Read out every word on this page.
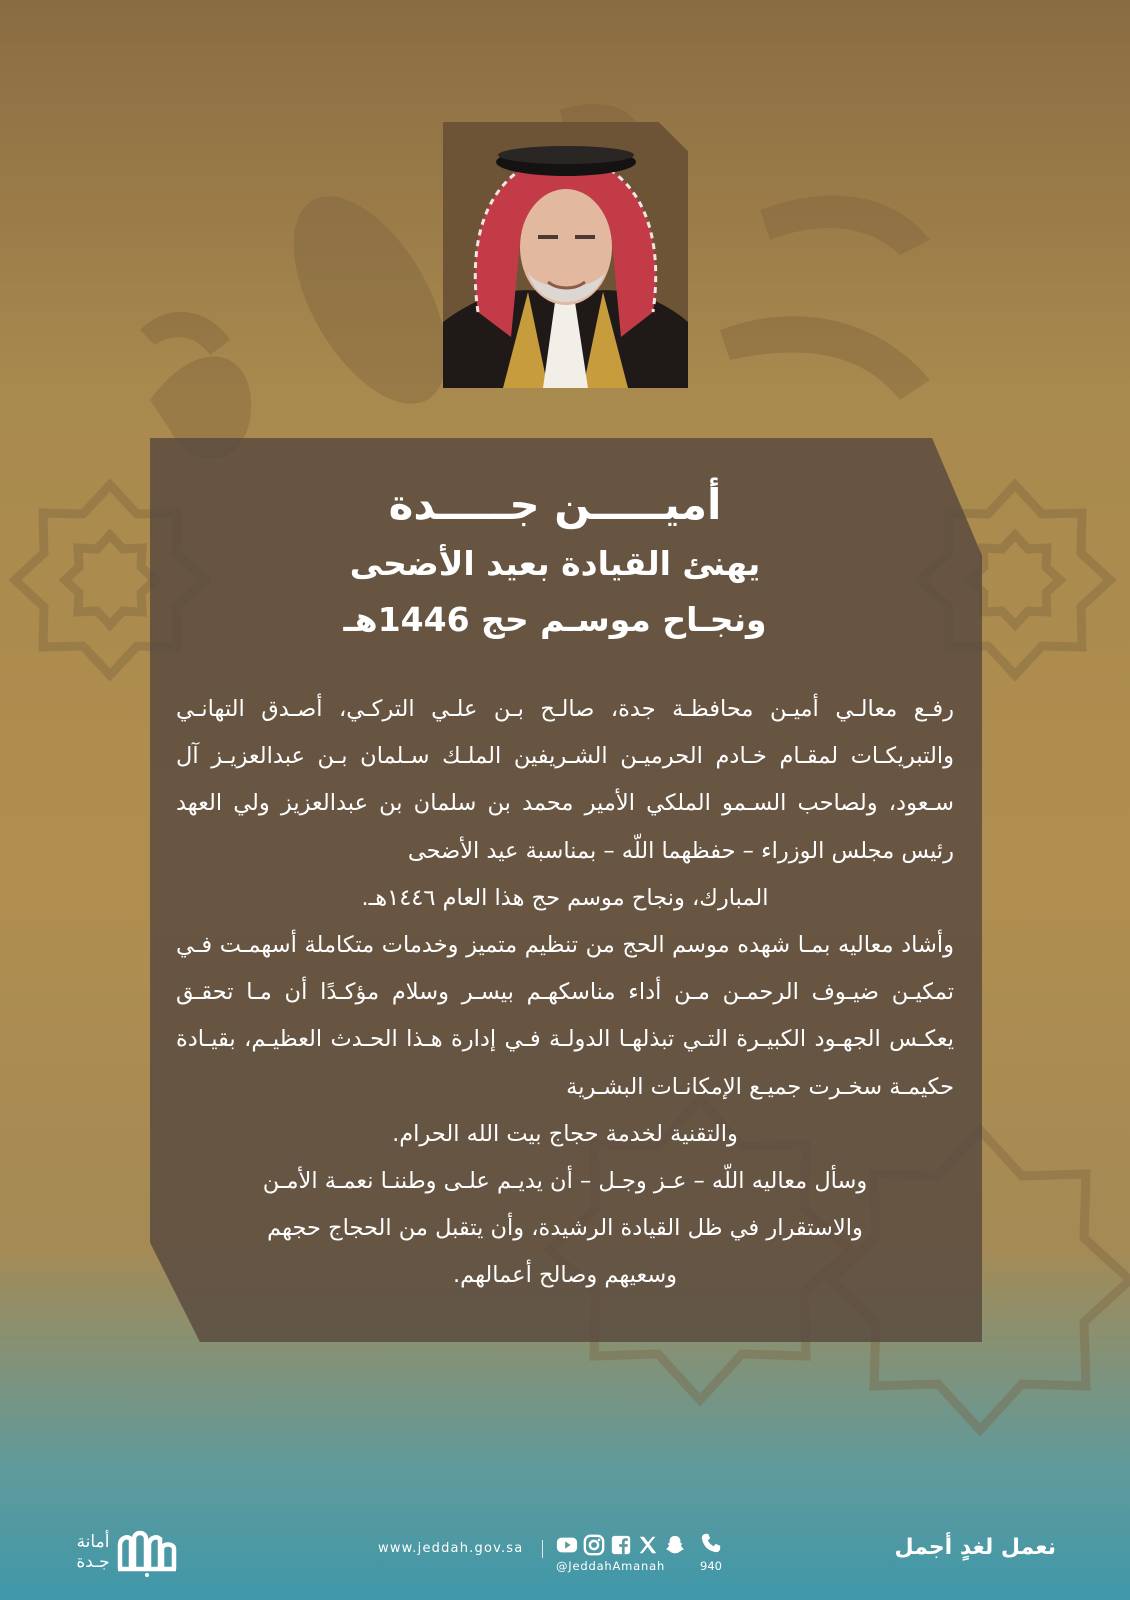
أميـــــن جـــــدة
يهنئ القيادة بعيد الأضحى
ونجـاح موسـم حج 1446هـ

رفـع معالـي أميـن محافظـة جدة، صالـح بـن علـي التركـي، أصـدق التهانـي والتبريكـات لمقـام خـادم الحرميـن الشـريفين الملـك سـلمان بـن عبدالعزيـز آل سـعود، ولصاحب السـمو الملكي الأمير محمد بن سلمان بن عبدالعزيز ولي العهد رئيس مجلس الوزراء – حفظهما اللّه – بمناسبة عيد الأضحى

المبارك، ونجاح موسم حج هذا العام ١٤٤٦هـ.

وأشاد معاليه بمـا شهده موسم الحج من تنظيم متميز وخدمات متكاملة أسهمـت فـي تمكيـن ضيـوف الرحمـن مـن أداء مناسكهـم بيسـر وسلام مؤكـدًا أن مـا تحقـق يعكـس الجهـود الكبيـرة التـي تبذلهـا الدولـة فـي إدارة هـذا الحـدث العظيـم، بقيـادة حكيمـة سخـرت جميـع الإمكانـات البشـرية

والتقنية لخدمة حجاج بيت الله الحرام.

وسأل معاليه اللّه – عـز وجـل – أن يديـم علـى وطننـا نعمـة الأمـن

والاستقرار في ظل القيادة الرشيدة، وأن يتقبل من الحجاج حجهم

وسعيهم وصالح أعمالهم.

نعمل لغدٍ أجمل
@JeddahAmanah	940
www.jeddah.gov.sa
أمانة
جـدة
